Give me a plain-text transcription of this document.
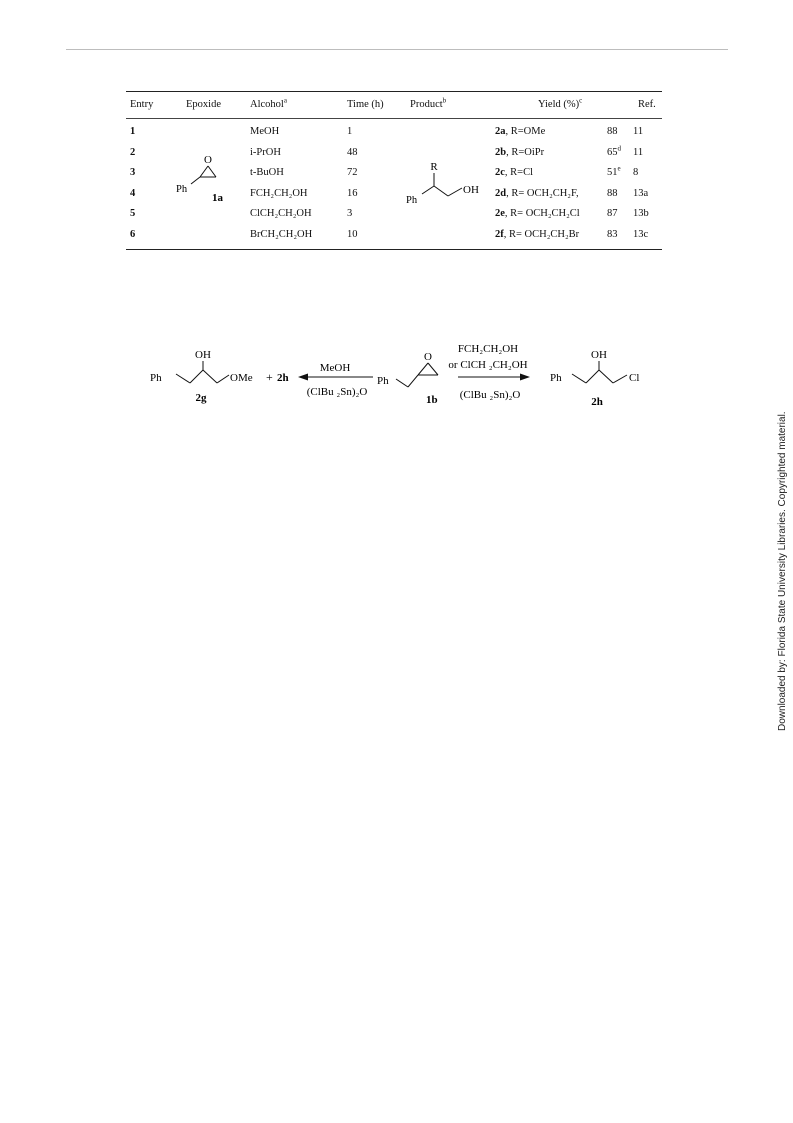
Entry	Epoxide	Alcohol$^a$	Time (h)	Product$^b$	Yield (%)$^c$	Ref.
1	MeOH	1	2a, R=OMe	88 11
2	i-PrOH	48	2b, R=OiPr	65$^d$ 11
3	t-BuOH	72	2c, R=Cl	51e 8
4	FCH₂CH₂OH	16	2d, R= OCH₂CH₂F,	88 13a
5	ClCH₂CH₂OH	3	2e, R= OCH₂CH₂Cl	87 13b
6	BrCH₂CH₂OH	10	2f, R= OCH₂CH₂Br	83 13c
O
Ph
1a
R
Ph
OH
OH
Ph	OMe
2g
+ 2h
MeOH
(ClBu ₂Sn)₂O
Ph
O
1b
FCH₂CH₂OH
or ClCH ₂CH₂OH
(ClBu ₂Sn)₂O
OH
Ph	Cl
2h
Downloaded by: Florida State University Libraries. Copyrighted material.
